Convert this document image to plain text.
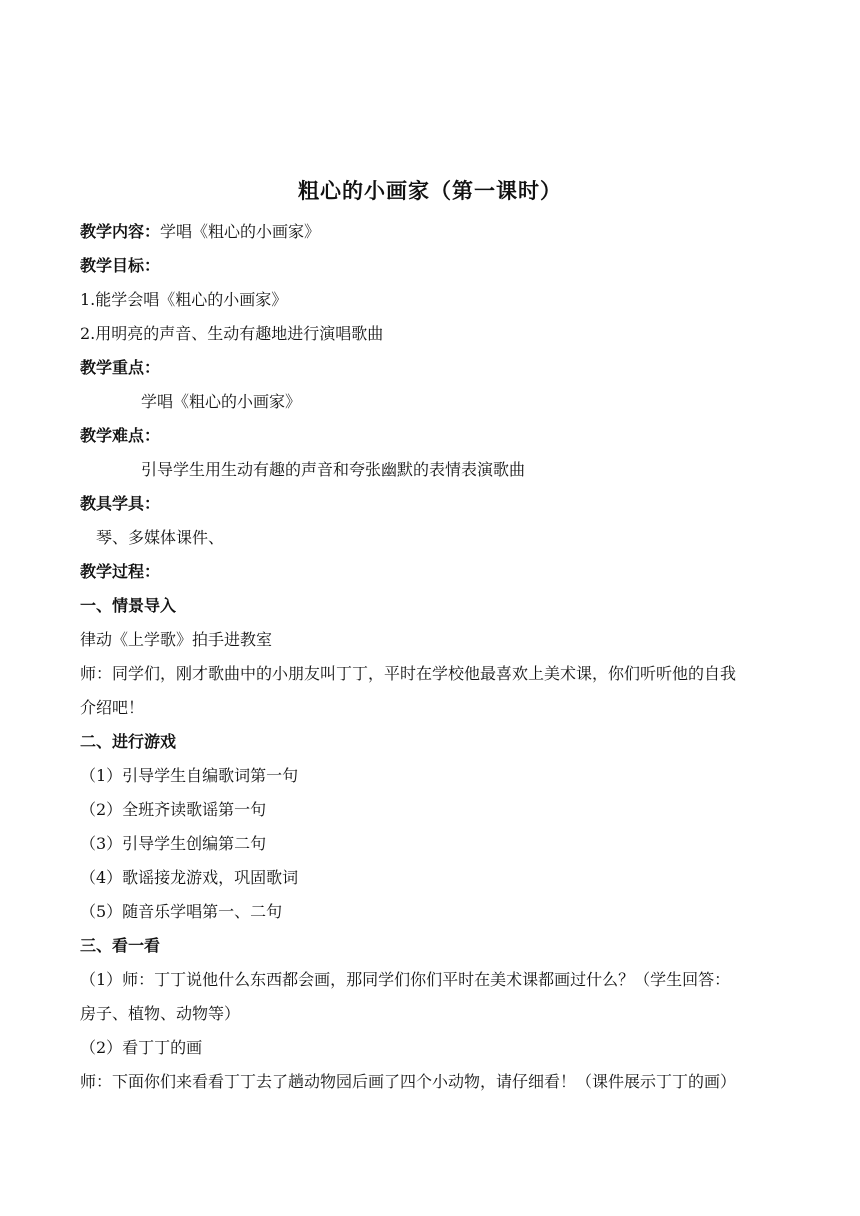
粗心的小画家（第一课时）
教学内容：学唱《粗心的小画家》
教学目标：
1.能学会唱《粗心的小画家》
2.用明亮的声音、生动有趣地进行演唱歌曲
教学重点：
学唱《粗心的小画家》
教学难点：
引导学生用生动有趣的声音和夸张幽默的表情表演歌曲
教具学具：
琴、多媒体课件、
教学过程：
一、情景导入
律动《上学歌》拍手进教室
师：同学们，刚才歌曲中的小朋友叫丁丁，平时在学校他最喜欢上美术课，你们听听他的自我
介绍吧！
二、进行游戏
（1）引导学生自编歌词第一句
（2）全班齐读歌谣第一句
（3）引导学生创编第二句
（4）歌谣接龙游戏，巩固歌词
（5）随音乐学唱第一、二句
三、看一看
（1）师：丁丁说他什么东西都会画，那同学们你们平时在美术课都画过什么？（学生回答：
房子、植物、动物等）
（2）看丁丁的画
师：下面你们来看看丁丁去了趟动物园后画了四个小动物，请仔细看！（课件展示丁丁的画）
